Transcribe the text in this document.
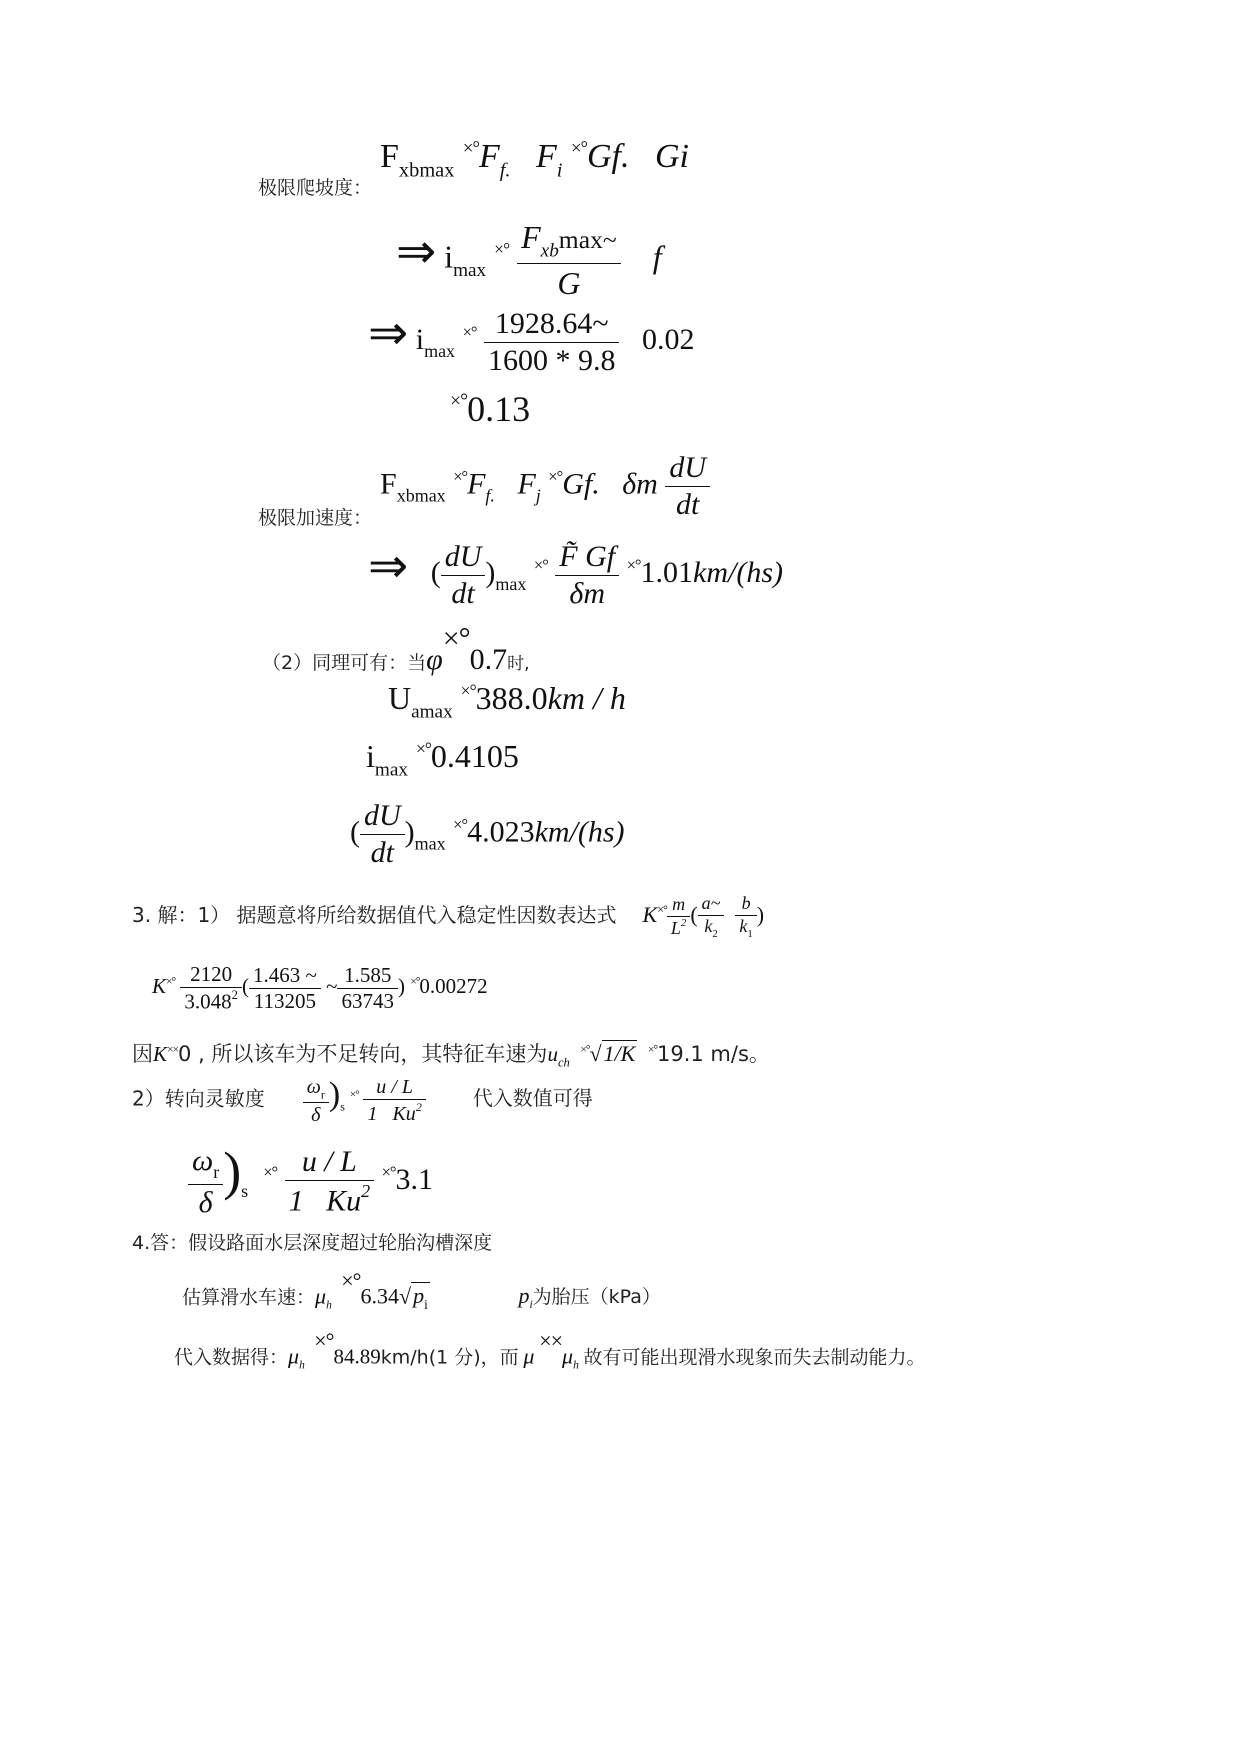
极限爬坡度：
$F_{xbmax}$ $^{\times^\circ}F_{f.}$ $F_i$ ×°Gf. Gi
⇒ $i_{max}$ $^{\times^\circ} \frac{F_{xb}\max\sim}{G}$ f
⇒ $i_{max}$ $^{\times^\circ} \frac{1928.64\sim}{1600 * 9.8} 0.02$
×°0.13
极限加速度：
$F_{xbmax}$ $^{\times^\circ}F_{f.}$ $F_j$ ×°Gf. δm $\frac{dU}{dt}$
⇒ ( $\frac{dU}{dt} )_{max}$ $^{\times^\circ} \frac{F̃ Gf}{\delta m} ^{\times^\circ}1.01km/(hs)$
（2）同理可有：当φ×°0.7时,
$U_{amax}$ ×°388.0km / h
$i_{max}$ ×°0.4105
( $\frac{dU}{dt} )_{max}$ ×°4.023km/(hs)
3. 解：1） 据题意将所给数据值代入稳定性因数表达式 $K^{\times^\circ} \frac{m}{L^2}$ ( $\frac{a\sim}{k_2}$
$\frac{b}{k_1}$ )
$K^{\times^\circ} \frac{2120}{3.048^2}$ ( $\frac{1.463 \sim}{113205}$ ~ $\frac{1.585}{63743}$ ) ×°0.00272
因K××0 , 所以该车为不足转向，其特征车速为$u_{ch}$  ×°√1/K ×°19.1 m/s。
2）转向灵敏度 $\frac{\omega_r}{\delta} )_s$ $^{\times^\circ} \frac{u / L}{1 Ku^2}$ 代入数值可得
$\frac{\omega_r}{\delta} )_s$  $^{\times^\circ} \frac{u / L}{1 Ku^2} ^{\times^\circ}3.1$
4.答：假设路面水层深度超过轮胎沟槽深度
估算滑水车速：$\mu_h \times^\circ 6.34√p_i$	$p_i$为胎压（kPa）
代入数据得：$\mu_h \times^\circ 84.89km/h(1$ 分)，而 $\mu \times\times\mu_h$ 故有可能出现滑水现象而失去制动能力。
